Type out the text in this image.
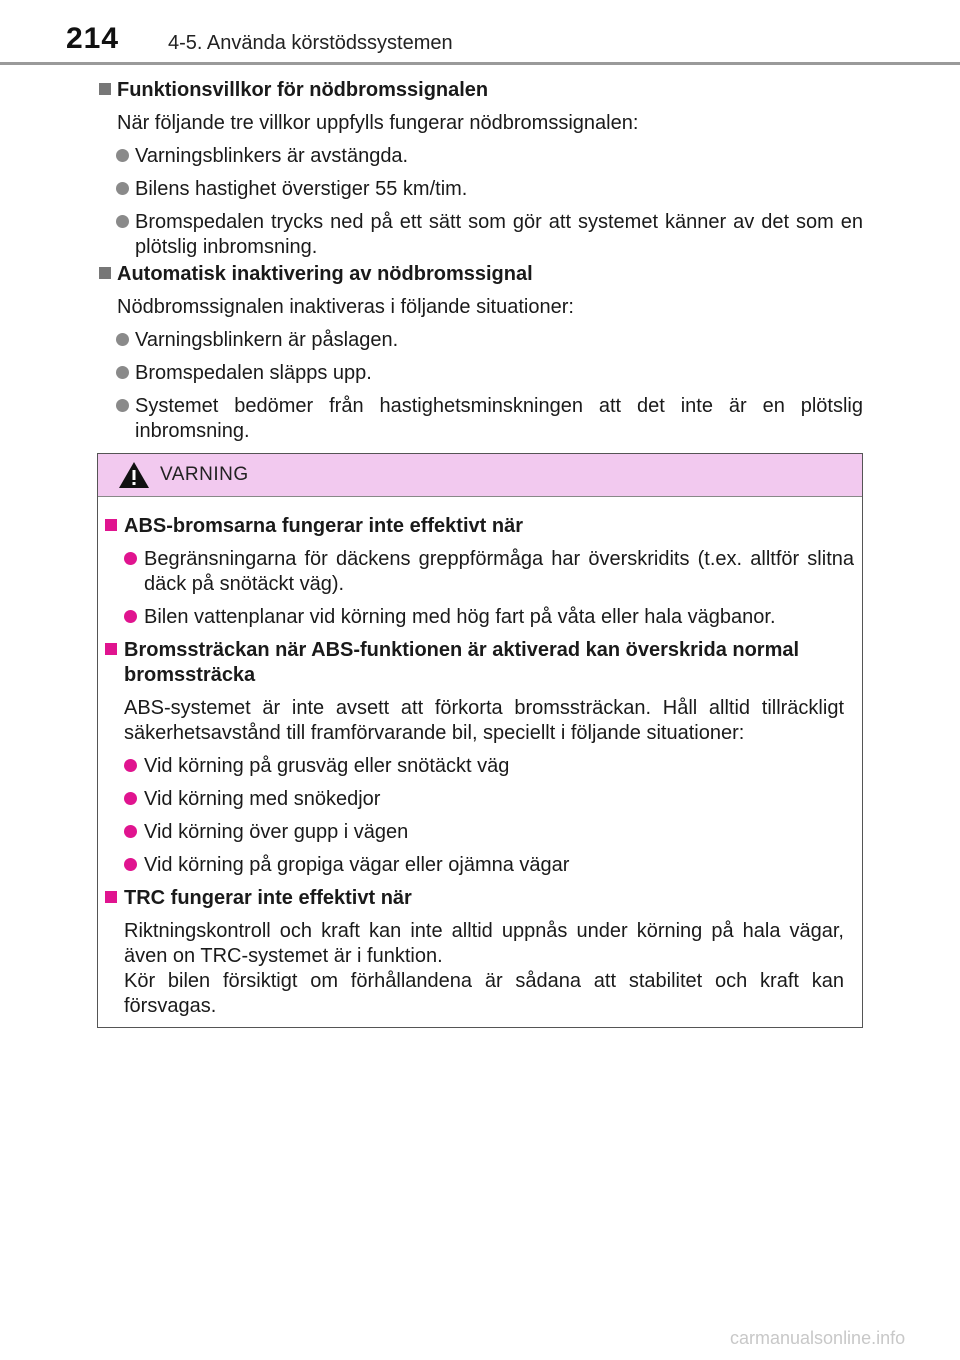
214 4-5. Använda körstödssystemen
Funktionsvillkor för nödbromssignalen
När följande tre villkor uppfylls fungerar nödbromssignalen:
Varningsblinkers är avstängda.
Bilens hastighet överstiger 55 km/tim.
Bromspedalen trycks ned på ett sätt som gör att systemet känner av det som en plötslig inbromsning.
Automatisk inaktivering av nödbromssignal
Nödbromssignalen inaktiveras i följande situationer:
Varningsblinkern är påslagen.
Bromspedalen släpps upp.
Systemet bedömer från hastighetsminskningen att det inte är en plötslig inbromsning.
VARNING
ABS-bromsarna fungerar inte effektivt när
Begränsningarna för däckens greppförmåga har överskridits (t.ex. alltför slitna däck på snötäckt väg).
Bilen vattenplanar vid körning med hög fart på våta eller hala vägbanor.
Bromssträckan när ABS-funktionen är aktiverad kan överskrida normal bromssträcka
ABS-systemet är inte avsett att förkorta bromssträckan. Håll alltid tillräckligt säkerhetsavstånd till framförvarande bil, speciellt i följande situationer:
Vid körning på grusväg eller snötäckt väg
Vid körning med snökedjor
Vid körning över gupp i vägen
Vid körning på gropiga vägar eller ojämna vägar
TRC fungerar inte effektivt när
Riktningskontroll och kraft kan inte alltid uppnås under körning på hala vägar, även on TRC-systemet är i funktion.
Kör bilen försiktigt om förhållandena är sådana att stabilitet och kraft kan försvagas.
carmanualsonline.info
